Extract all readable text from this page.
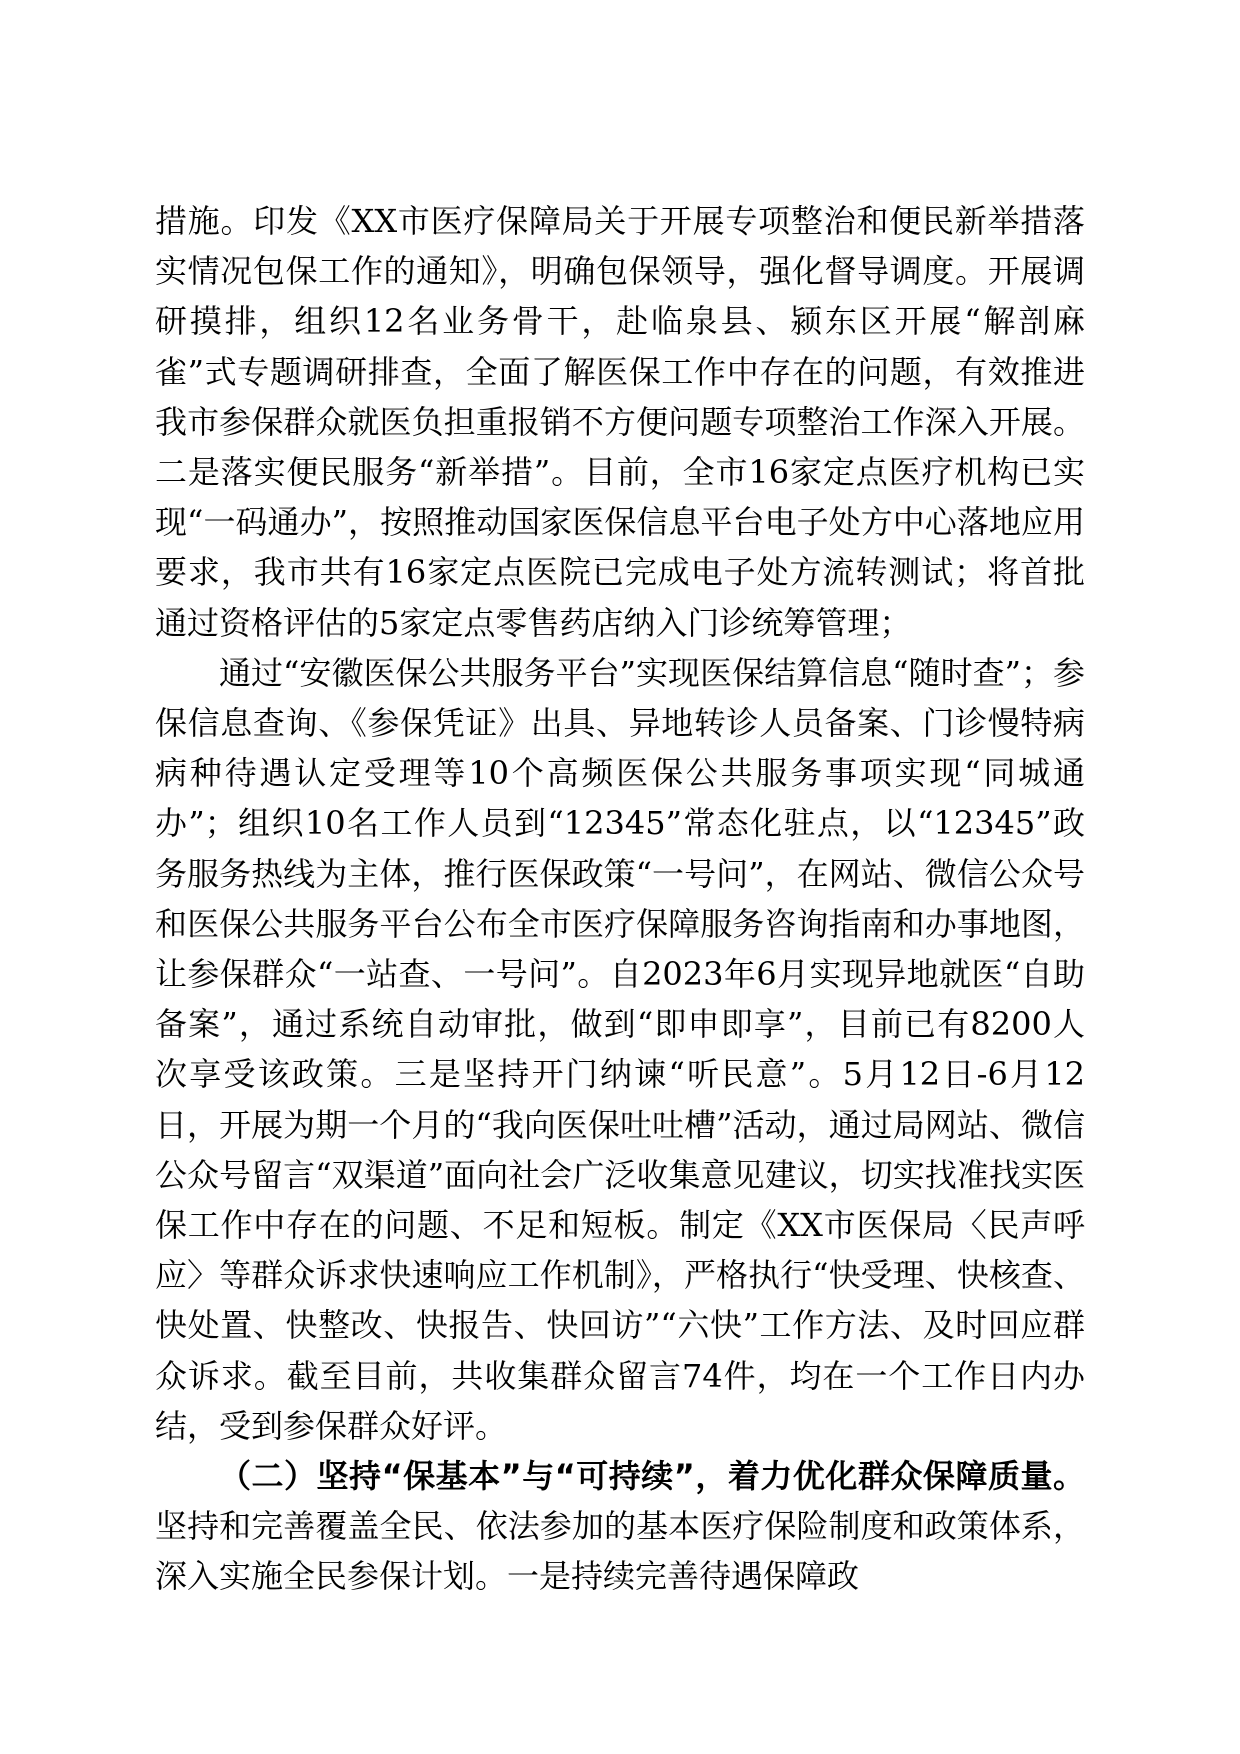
措施。印发《XX市医疗保障局关于开展专项整治和便民新举措落实情况包保工作的通知》，明确包保领导，强化督导调度。开展调研摸排，组织12名业务骨干，赴临泉县、颍东区开展“解剖麻雀”式专题调研排查，全面了解医保工作中存在的问题，有效推进我市参保群众就医负担重报销不方便问题专项整治工作深入开展。二是落实便民服务“新举措”。目前，全市16家定点医疗机构已实现“一码通办”，按照推动国家医保信息平台电子处方中心落地应用要求，我市共有16家定点医院已完成电子处方流转测试；将首批通过资格评估的5家定点零售药店纳入门诊统筹管理；

通过“安徽医保公共服务平台”实现医保结算信息“随时查”；参保信息查询、《参保凭证》出具、异地转诊人员备案、门诊慢特病病种待遇认定受理等10个高频医保公共服务事项实现“同城通办”；组织10名工作人员到“12345”常态化驻点，以“12345”政务服务热线为主体，推行医保政策“一号问”，在网站、微信公众号和医保公共服务平台公布全市医疗保障服务咨询指南和办事地图，让参保群众“一站查、一号问”。自2023年6月实现异地就医“自助备案”，通过系统自动审批，做到“即申即享”，目前已有8200人次享受该政策。三是坚持开门纳谏“听民意”。5月12日-6月12日，开展为期一个月的“我向医保吐吐槽”活动，通过局网站、微信公众号留言“双渠道”面向社会广泛收集意见建议，切实找准找实医保工作中存在的问题、不足和短板。制定《XX市医保局〈民声呼应〉等群众诉求快速响应工作机制》，严格执行“快受理、快核查、快处置、快整改、快报告、快回访”“六快”工作方法、及时回应群众诉求。截至目前，共收集群众留言74件，均在一个工作日内办结，受到参保群众好评。

（二）坚持“保基本”与“可持续”，着力优化群众保障质量。坚持和完善覆盖全民、依法参加的基本医疗保险制度和政策体系，深入实施全民参保计划。一是持续完善待遇保障政
